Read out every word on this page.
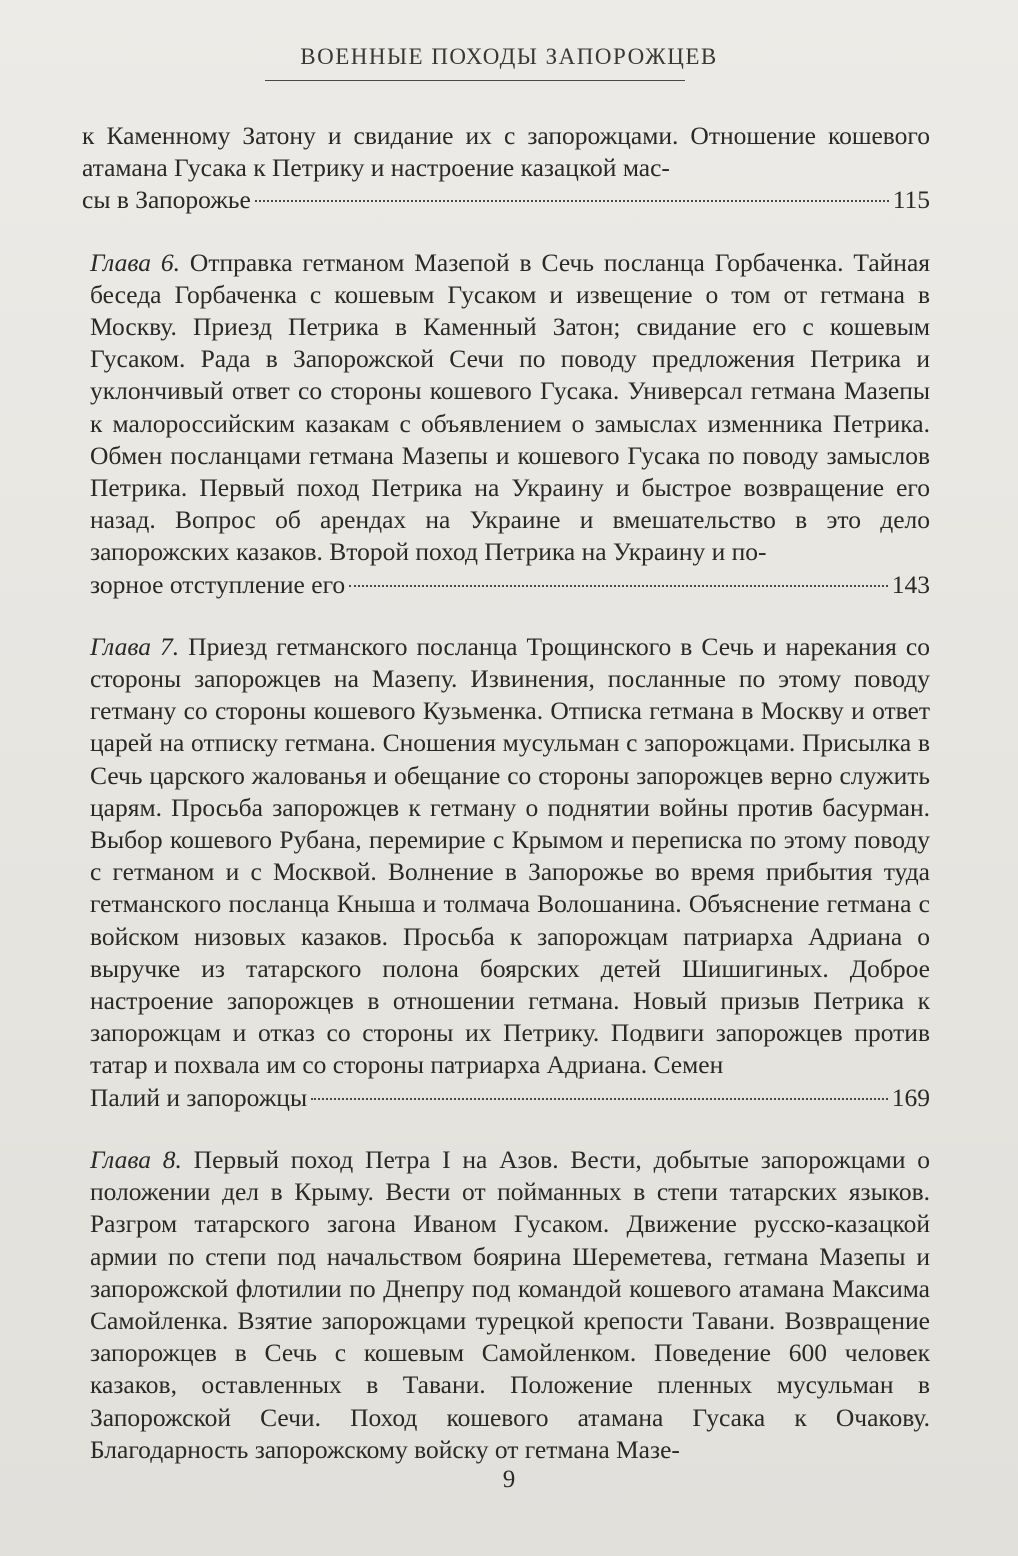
ВОЕННЫЕ ПОХОДЫ ЗАПОРОЖЦЕВ
к Каменному Затону и свидание их с запорожцами. Отношение кошевого атамана Гусака к Петрику и настроение казацкой мас-
сы в Запорожье	115
Глава 6. Отправка гетманом Мазепой в Сечь посланца Горбаченка. Тайная беседа Горбаченка с кошевым Гусаком и извещение о том от гетмана в Москву. Приезд Петрика в Каменный Затон; свидание его с кошевым Гусаком. Рада в Запорожской Сечи по поводу предложения Петрика и уклончивый ответ со стороны кошевого Гусака. Универсал гетмана Мазепы к малороссийским казакам с объявлением о замыслах изменника Петрика. Обмен посланцами гетмана Мазепы и кошевого Гусака по поводу замыслов Петрика. Первый поход Петрика на Украину и быстрое возвращение его назад. Вопрос об арендах на Украине и вмешательство в это дело запорожских казаков. Второй поход Петрика на Украину и по-
зорное отступление его	143
Глава 7. Приезд гетманского посланца Трощинского в Сечь и нарекания со стороны запорожцев на Мазепу. Извинения, посланные по этому поводу гетману со стороны кошевого Кузьменка. Отписка гетмана в Москву и ответ царей на отписку гетмана. Сношения мусульман с запорожцами. Присылка в Сечь царского жалованья и обещание со стороны запорожцев верно служить царям. Просьба запорожцев к гетману о поднятии войны против басурман. Выбор кошевого Рубана, перемирие с Крымом и переписка по этому поводу с гетманом и с Москвой. Волнение в Запорожье во время прибытия туда гетманского посланца Кныша и толмача Волошанина. Объяснение гетмана с войском низовых казаков. Просьба к запорожцам патриарха Адриана о выручке из татарского полона боярских детей Шишигиных. Доброе настроение запорожцев в отношении гетмана. Новый призыв Петрика к запорожцам и отказ со стороны их Петрику. Подвиги запорожцев против татар и похвала им со стороны патриарха Адриана. Семен
Палий и запорожцы	169
Глава 8. Первый поход Петра I на Азов. Вести, добытые запорожцами о положении дел в Крыму. Вести от пойманных в степи татарских языков. Разгром татарского загона Иваном Гусаком. Движение русско-казацкой армии по степи под начальством боярина Шереметева, гетмана Мазепы и запорожской флотилии по Днепру под командой кошевого атамана Максима Самойленка. Взятие запорожцами турецкой крепости Тавани. Возвращение запорожцев в Сечь с кошевым Самойленком. Поведение 600 человек казаков, оставленных в Тавани. Положение пленных мусульман в Запорожской Сечи. Поход кошевого атамана Гусака к Очакову. Благодарность запорожскому войску от гетмана Мазе-
9
